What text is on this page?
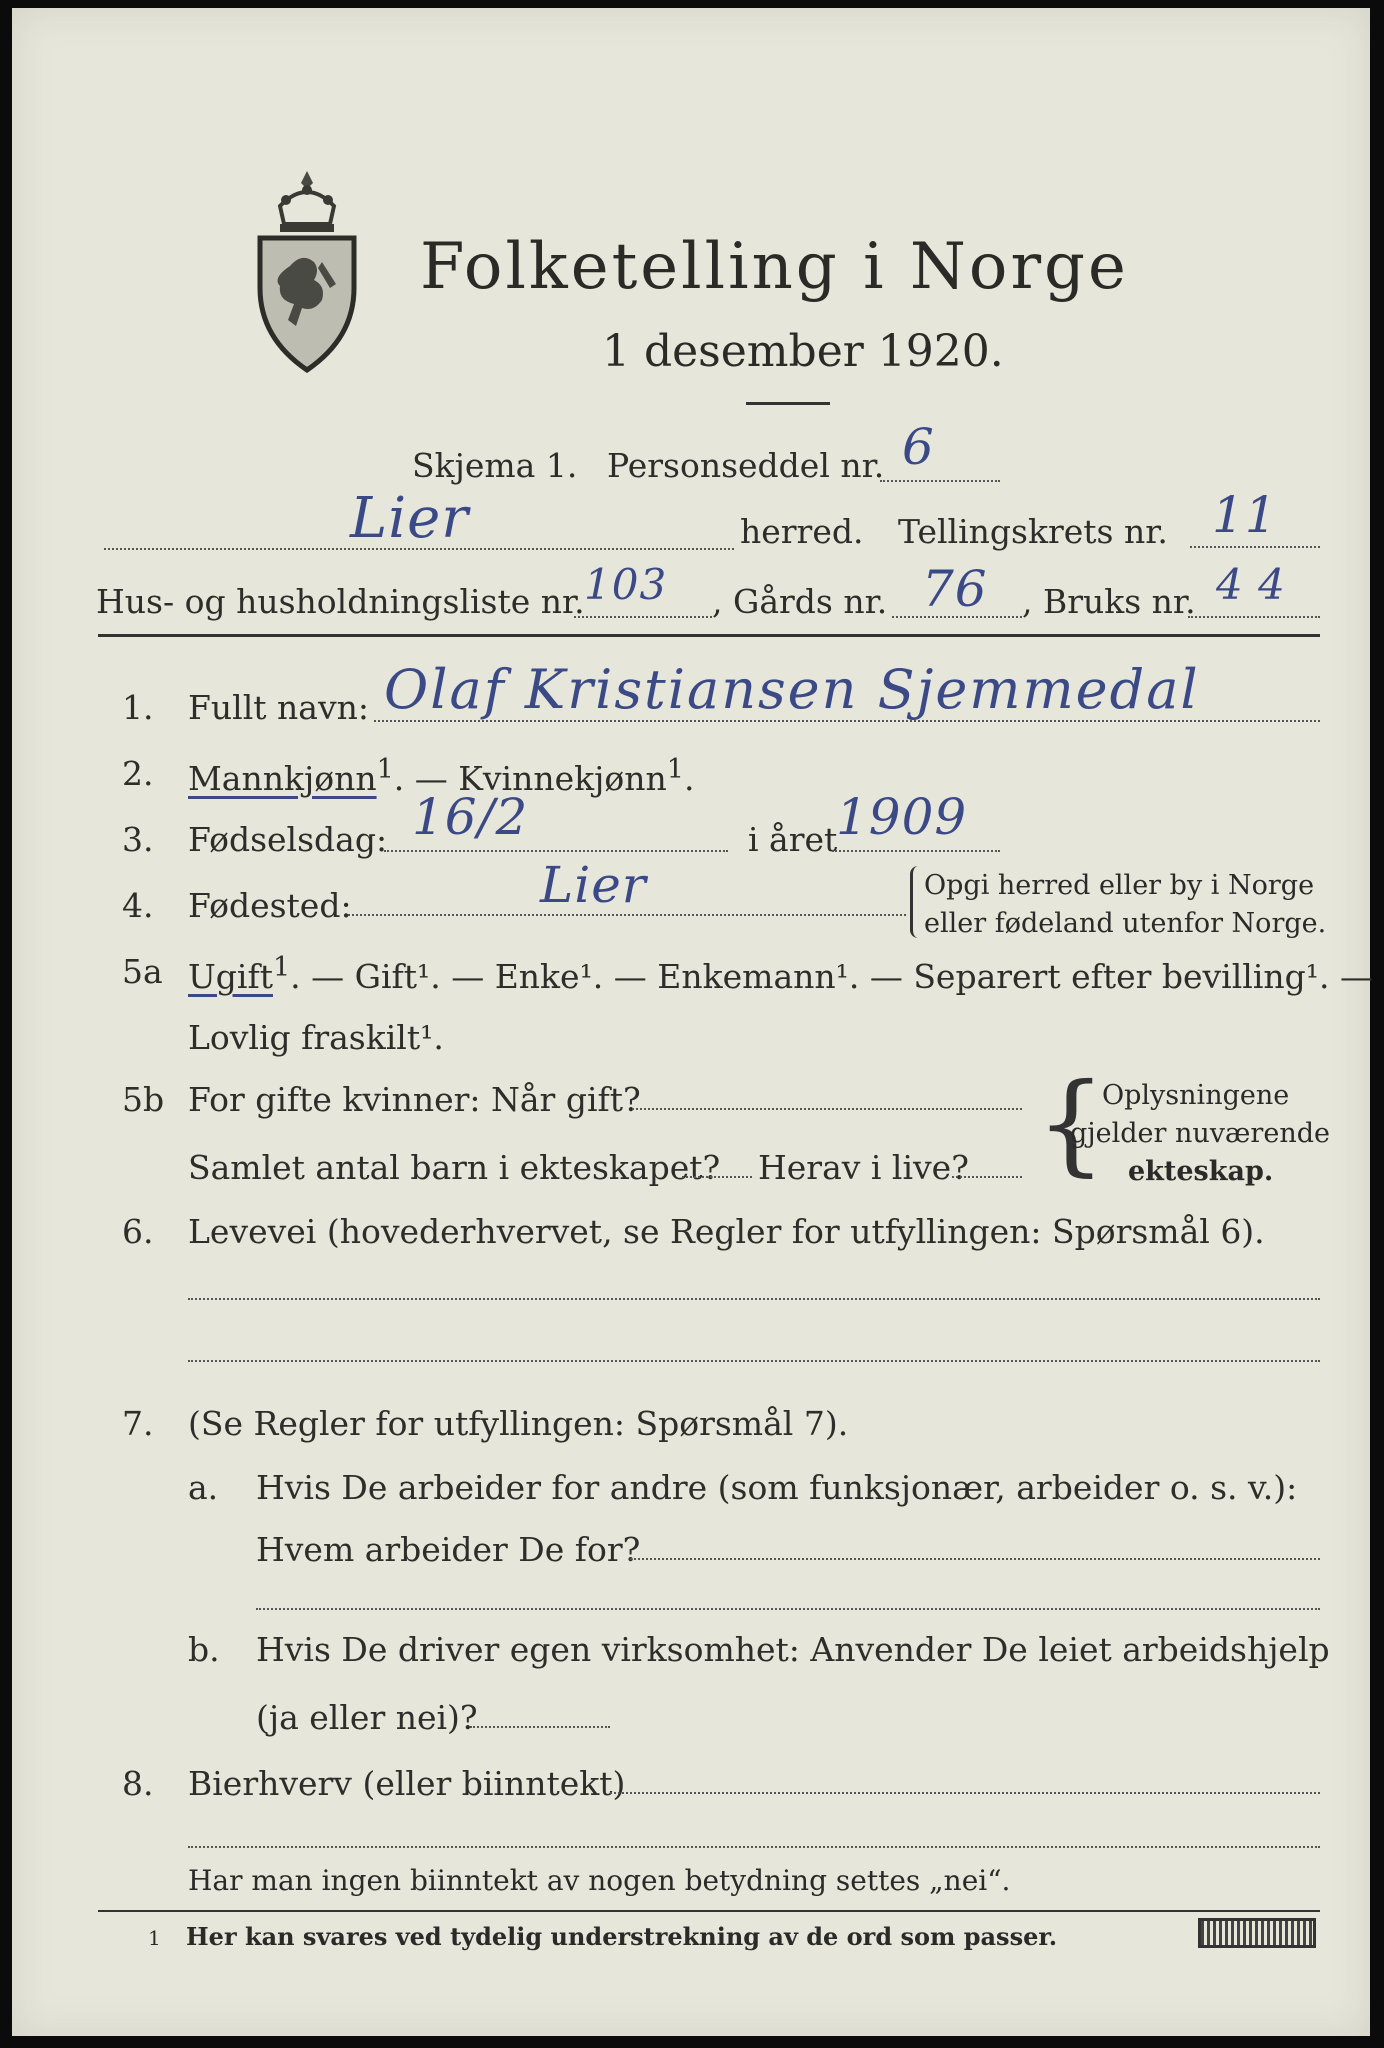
Folketelling i Norge
1 desember 1920.
Skjema 1. Personseddel nr. 6
Lier	herred. Tellingskrets nr. 11
Hus- og husholdningsliste nr. 103 , Gårds nr. 76 , Bruks nr. 4 4
1. Fullt navn: Olaf Kristiansen Sjemmedal
2. Mannkjønn$^1$. — Kvinnekjønn$^1$.
3. Fødselsdag: 16/2	i året
1909
4. Fødested:	Lier	Opgi herred eller by i Norge
eller fødeland utenfor Norge.
5a Ugift$^1$. — Gift¹. — Enke¹. — Enkemann¹. — Separert efter bevilling¹. —
Lovlig fraskilt¹.
5b For gifte kvinner: Når gift?
Samlet antal barn i ekteskapet? Herav i live? {
Oplysningene
gjelder nuværende
ekteskap.
6. Levevei (hovederhvervet, se Regler for utfyllingen: Spørsmål 6).
7. (Se Regler for utfyllingen: Spørsmål 7).
a. Hvis De arbeider for andre (som funksjonær, arbeider o. s. v.):
Hvem arbeider De for?
b. Hvis De driver egen virksomhet: Anvender De leiet arbeidshjelp
(ja eller nei)?
8. Bierhverv (eller biinntekt)
Har man ingen biinntekt av nogen betydning settes „nei“.
1 Her kan svares ved tydelig understrekning av de ord som passer.
